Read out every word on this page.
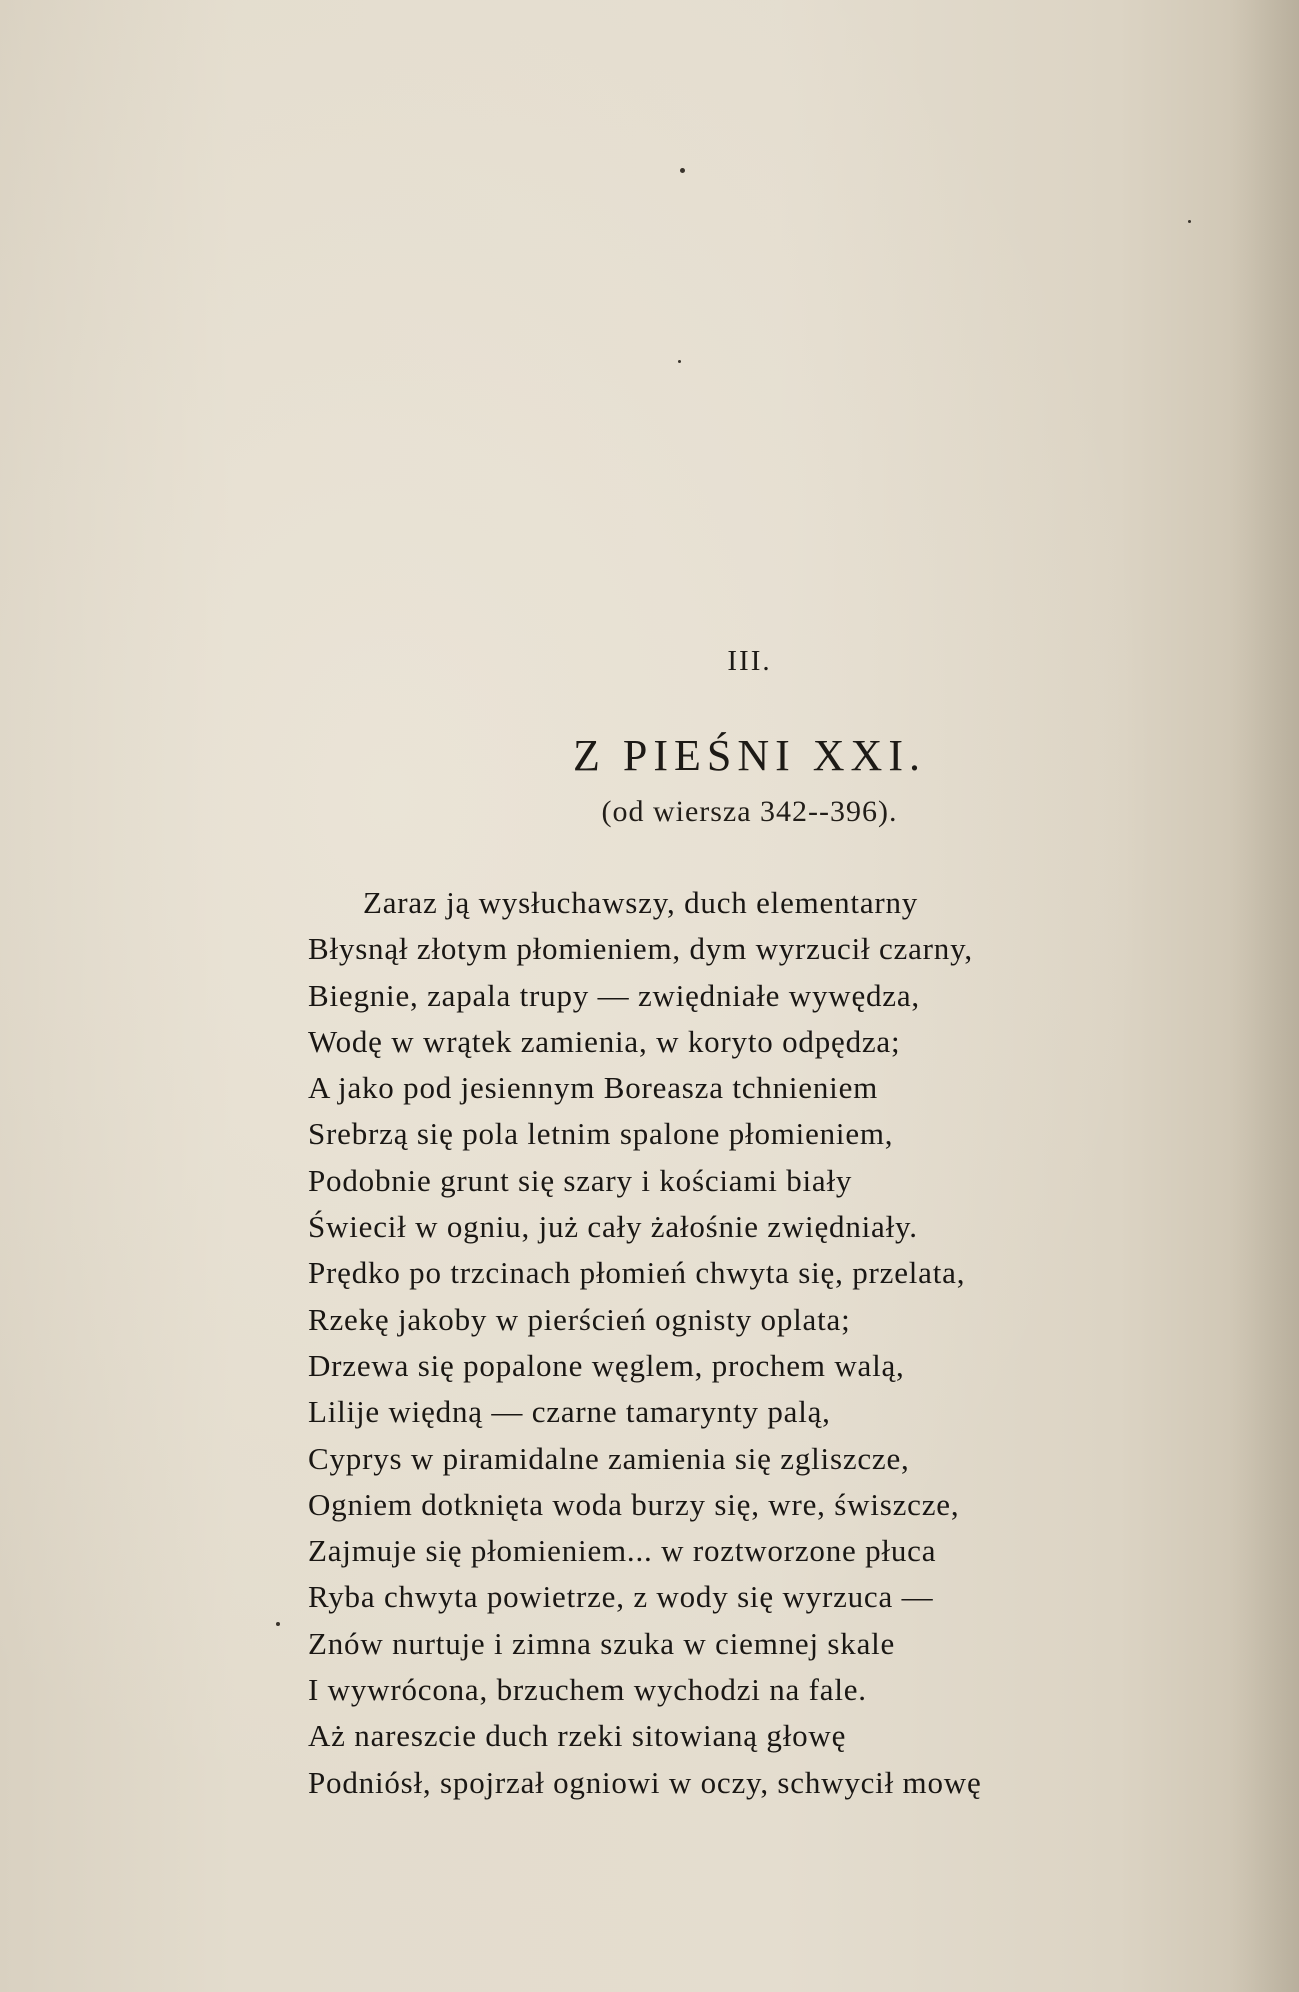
III.
Z PIEŚNI XXI.
(od wiersza 342--396).
Zaraz ją wysłuchawszy, duch elementarny
Błysnął złotym płomieniem, dym wyrzucił czarny,
Biegnie, zapala trupy — zwiędniałe wywędza,
Wodę w wrątek zamienia, w koryto odpędza;
A jako pod jesiennym Boreasza tchnieniem
Srebrzą się pola letnim spalone płomieniem,
Podobnie grunt się szary i kościami biały
Świecił w ogniu, już cały żałośnie zwiędniały.
Prędko po trzcinach płomień chwyta się, przelata,
Rzekę jakoby w pierścień ognisty oplata;
Drzewa się popalone węglem, prochem walą,
Lilije więdną — czarne tamarynty palą,
Cyprys w piramidalne zamienia się zgliszcze,
Ogniem dotknięta woda burzy się, wre, świszcze,
Zajmuje się płomieniem... w roztworzone płuca
Ryba chwyta powietrze, z wody się wyrzuca —
Znów nurtuje i zimna szuka w ciemnej skale
I wywrócona, brzuchem wychodzi na fale.
Aż nareszcie duch rzeki sitowianą głowę
Podniósł, spojrzał ogniowi w oczy, schwycił mowę
